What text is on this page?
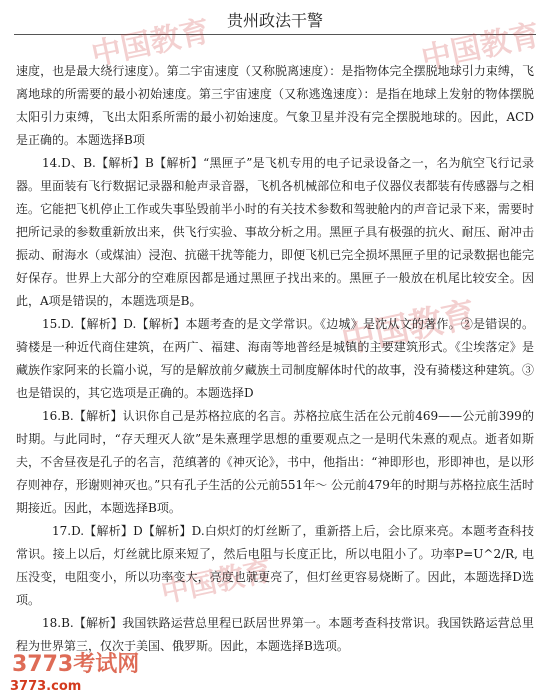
贵州政法干警
中国教育	中国教育
中国教育
中国教育

速度，也是最大绕行速度）。第二宇宙速度（又称脱离速度）：是指物体完全摆脱地球引力束缚，飞离地球的所需要的最小初始速度。第三宇宙速度（又称逃逸速度）：是指在地球上发射的物体摆脱太阳引力束缚，飞出太阳系所需的最小初始速度。气象卫星并没有完全摆脱地球的。因此，ACD是正确的。本题选择B项

14.D、B.【解析】B【解析】“黑匣子”是飞机专用的电子记录设备之一，名为航空飞行记录器。里面装有飞行数据记录器和舱声录音器，飞机各机械部位和电子仪器仪表都装有传感器与之相连。它能把飞机停止工作或失事坠毁前半小时的有关技术参数和驾驶舱内的声音记录下来，需要时把所记录的参数重新放出来，供飞行实验、事故分析之用。黑匣子具有极强的抗火、耐压、耐冲击振动、耐海水（或煤油）浸泡、抗磁干扰等能力，即便飞机已完全损坏黑匣子里的记录数据也能完好保存。世界上大部分的空难原因都是通过黑匣子找出来的。黑匣子一般放在机尾比较安全。因此，A项是错误的，本题选项是B。

15.D.【解析】D.【解析】本题考查的是文学常识。《边城》是沈从文的著作。②是错误的。骑楼是一种近代商住建筑，在两广、福建、海南等地普经是城镇的主要建筑形式。《尘埃落定》是藏族作家阿来的长篇小说，写的是解放前夕藏族土司制度解体时代的故事，没有骑楼这种建筑。③也是错误的，其它选项是正确的。本题选择D

16.B.【解析】认识你自己是苏格拉底的名言。苏格拉底生活在公元前469——公元前399的时期。与此同时，“存天理灭人欲”是朱熹理学思想的重要观点之一是明代朱熹的观点。逝者如斯夫，不舍昼夜是孔子的名言，范缜著的《神灭论》，书中，他指出：“神即形也，形即神也，是以形存则神存，形谢则神灭也。”只有孔子生活的公元前551年～ 公元前479年的时期与苏格拉底生活时期接近。因此，本题选择B项。

17.D.【解析】D【解析】D.白炽灯的灯丝断了，重新搭上后，会比原来亮。本题考查科技常识。接上以后，灯丝就比原来短了，然后电阻与长度正比，所以电阻小了。功率P=U^2/R, 电压没变，电阻变小，所以功率变大，亮度也就更亮了，但灯丝更容易烧断了。因此，本题选择D选项。

18.B.【解析】我国铁路运营总里程已跃居世界第一。本题考查科技常识。我国铁路运营总里程为世界第三，仅次于美国、俄罗斯。因此，本题选择B选项。

3773考试网
3773.com
